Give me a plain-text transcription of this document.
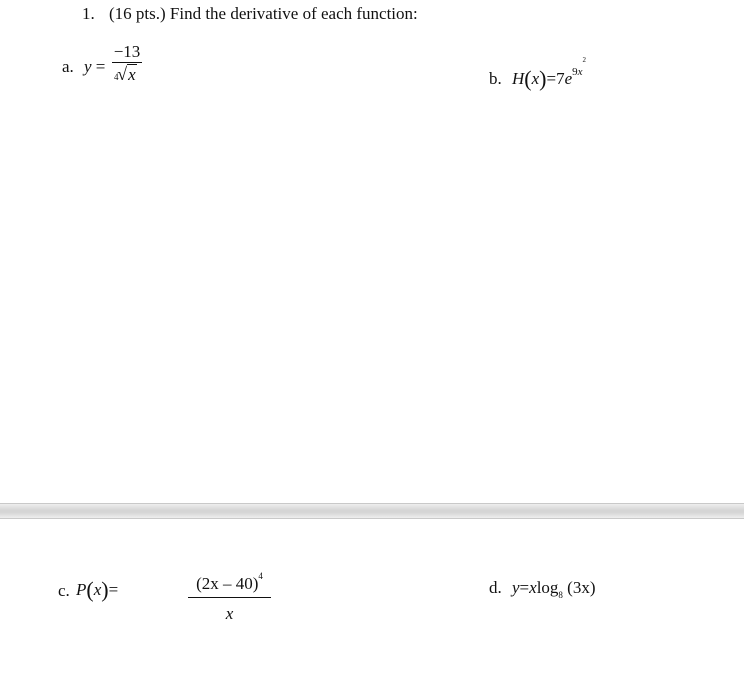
1. (16 pts.) Find the derivative of each function:
a. y =
−13
4
√x	b. $H(x)=7e^{9x^2}$
c. P(x)=	(2x – 40)$^4$
x
d. y=xlog$_8$ (3x)
